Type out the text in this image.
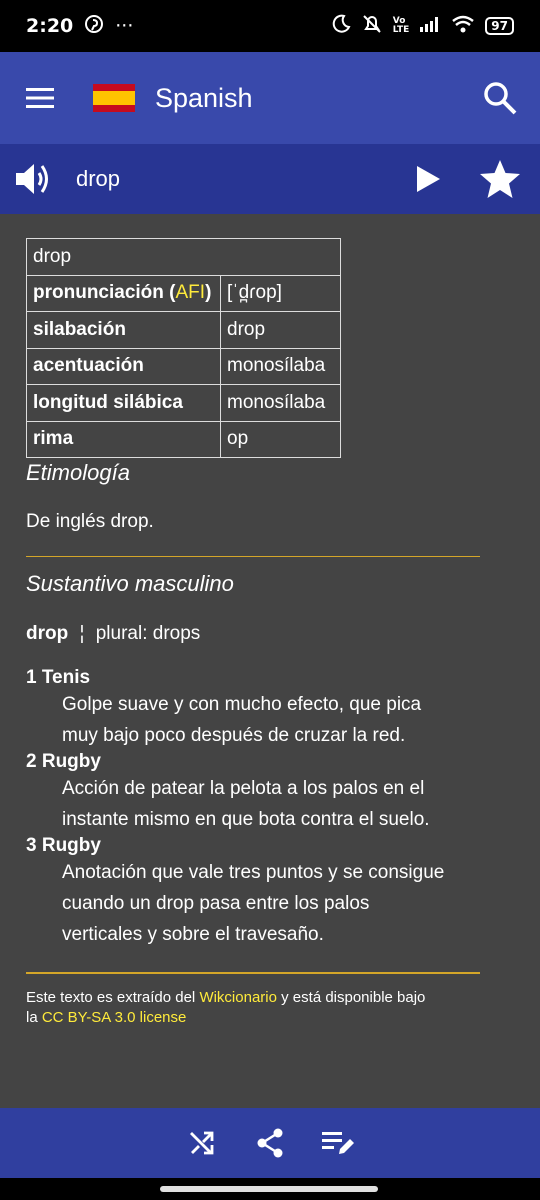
2:20 ···	Vo
LTE	97
Spanish
drop
drop	
pronunciación (AFI)	[ˈd̪ɾop]
silabación	drop
acentuación	monosílaba
longitud silábica	monosílaba
rima	op
Etimología
De inglés drop.
Sustantivo masculino
drop ¦ plural: drops
1 Tenis
Golpe suave y con mucho efecto, que pica
muy bajo poco después de cruzar la red.
2 Rugby
Acción de patear la pelota a los palos en el
instante mismo en que bota contra el suelo.
3 Rugby
Anotación que vale tres puntos y se consigue
cuando un drop pasa entre los palos
verticales y sobre el travesaño.
Este texto es extraído del Wikcionario y está disponible bajo
la CC BY-SA 3.0 license
